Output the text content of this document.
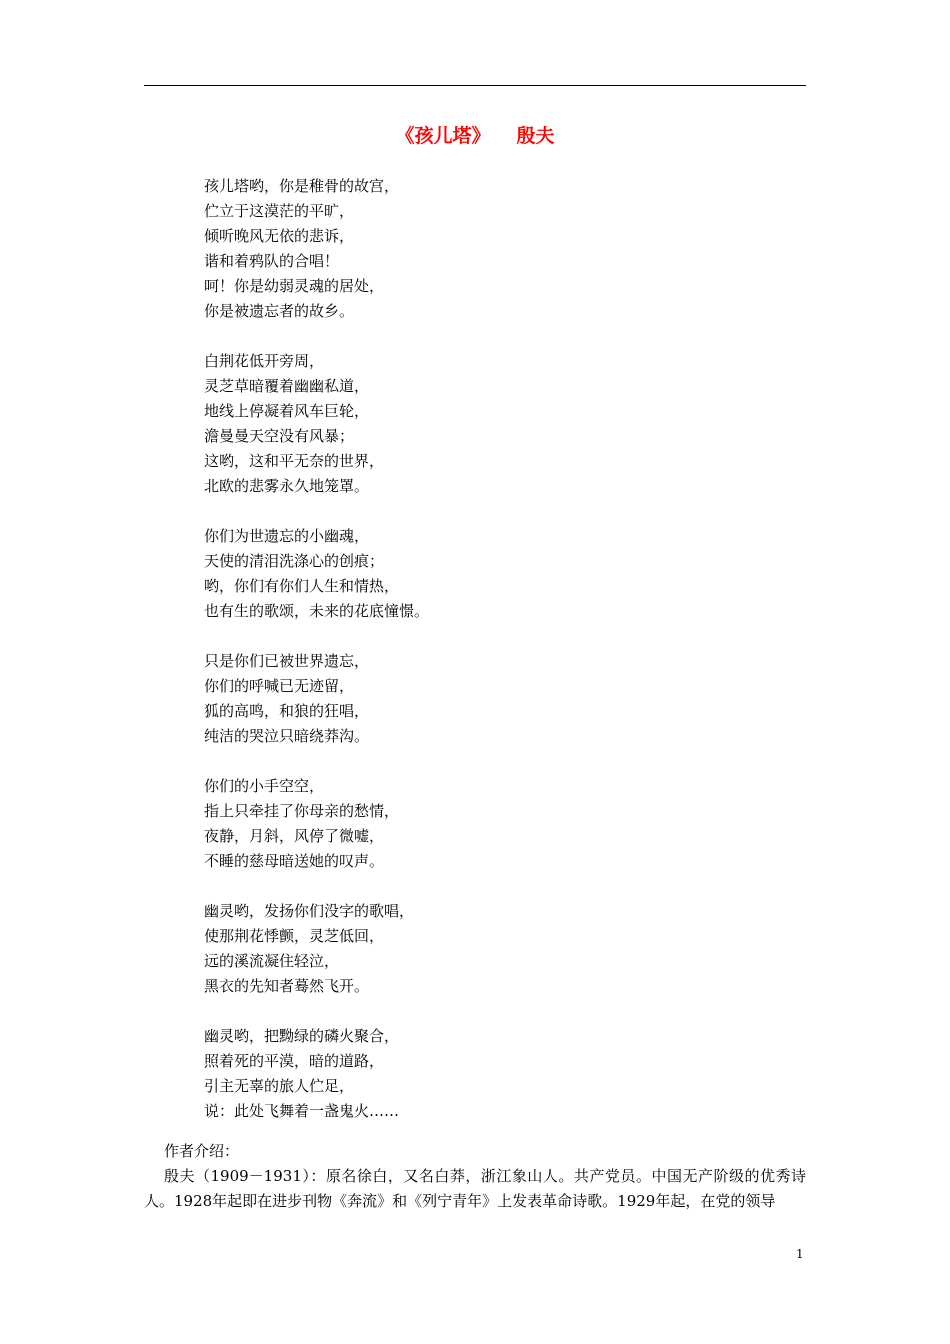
《孩儿塔》 殷夫
孩儿塔哟，你是稚骨的故宫，
伫立于这漠茫的平旷，
倾听晚风无依的悲诉，
谐和着鸦队的合唱！
呵！你是幼弱灵魂的居处，
你是被遗忘者的故乡。
白荆花低开旁周，
灵芝草暗覆着幽幽私道，
地线上停凝着风车巨轮，
澹曼曼天空没有风暴；
这哟，这和平无奈的世界，
北欧的悲雾永久地笼罩。
你们为世遗忘的小幽魂，
天使的清泪洗涤心的创痕；
哟，你们有你们人生和情热，
也有生的歌颂，未来的花底憧憬。
只是你们已被世界遗忘，
你们的呼喊已无迹留，
狐的高鸣，和狼的狂唱，
纯洁的哭泣只暗绕莽沟。
你们的小手空空，
指上只牵挂了你母亲的愁情，
夜静，月斜，风停了微嘘，
不睡的慈母暗送她的叹声。
幽灵哟，发扬你们没字的歌唱，
使那荆花悸颤，灵芝低回，
远的溪流凝住轻泣，
黑衣的先知者蓦然飞开。
幽灵哟，把黝绿的磷火聚合，
照着死的平漠，暗的道路，
引主无辜的旅人伫足，
说：此处飞舞着一盏鬼火……
作者介绍：
殷夫（1909－1931）：原名徐白，又名白莽，浙江象山人。共产党员。中国无产阶级的优秀诗人。1928年起即在进步刊物《奔流》和《列宁青年》上发表革命诗歌。1929年起，在党的领导
1
